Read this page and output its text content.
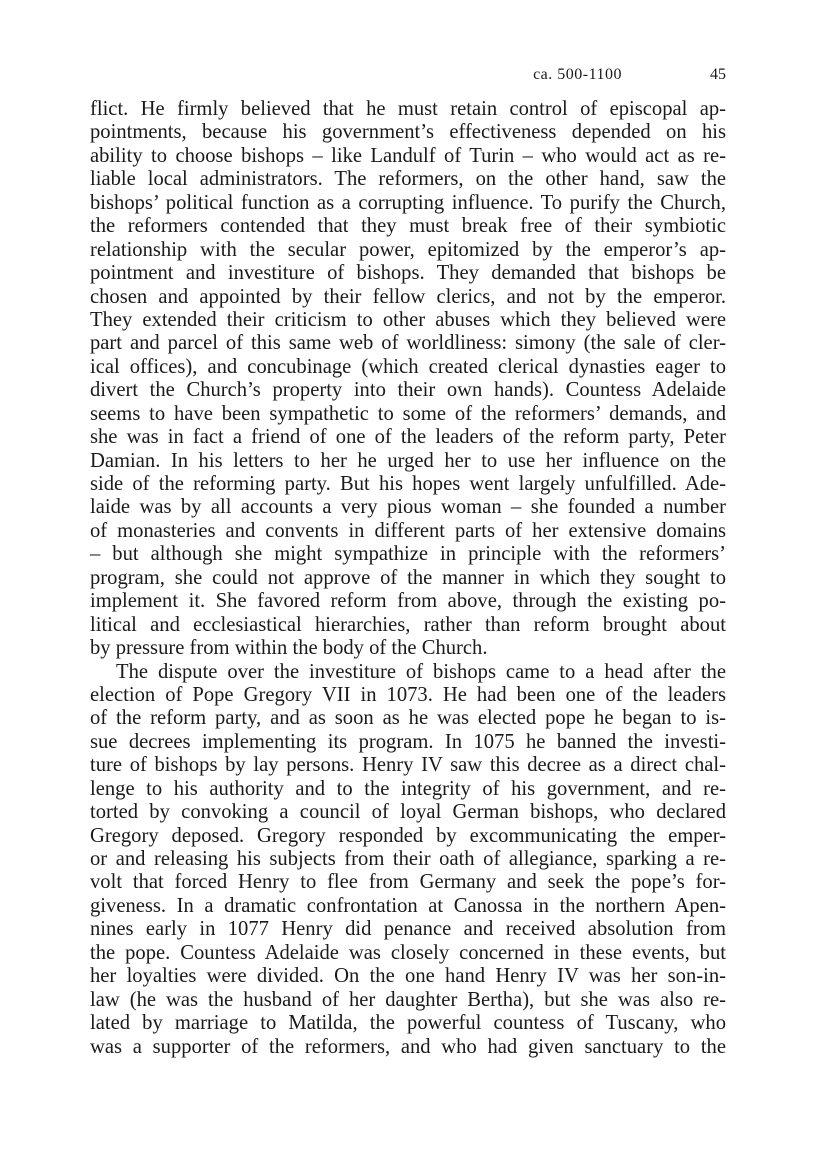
ca. 500-1100	45
flict. He firmly believed that he must retain control of episcopal ap-
pointments, because his government’s effectiveness depended on his
ability to choose bishops – like Landulf of Turin – who would act as re-
liable local administrators. The reformers, on the other hand, saw the
bishops’ political function as a corrupting influence. To purify the Church,
the reformers contended that they must break free of their symbiotic
relationship with the secular power, epitomized by the emperor’s ap-
pointment and investiture of bishops. They demanded that bishops be
chosen and appointed by their fellow clerics, and not by the emperor.
They extended their criticism to other abuses which they believed were
part and parcel of this same web of worldliness: simony (the sale of cler-
ical offices), and concubinage (which created clerical dynasties eager to
divert the Church’s property into their own hands). Countess Adelaide
seems to have been sympathetic to some of the reformers’ demands, and
she was in fact a friend of one of the leaders of the reform party, Peter
Damian. In his letters to her he urged her to use her influence on the
side of the reforming party. But his hopes went largely unfulfilled. Ade-
laide was by all accounts a very pious woman – she founded a number
of monasteries and convents in different parts of her extensive domains
– but although she might sympathize in principle with the reformers’
program, she could not approve of the manner in which they sought to
implement it. She favored reform from above, through the existing po-
litical and ecclesiastical hierarchies, rather than reform brought about
by pressure from within the body of the Church.
The dispute over the investiture of bishops came to a head after the
election of Pope Gregory VII in 1073. He had been one of the leaders
of the reform party, and as soon as he was elected pope he began to is-
sue decrees implementing its program. In 1075 he banned the investi-
ture of bishops by lay persons. Henry IV saw this decree as a direct chal-
lenge to his authority and to the integrity of his government, and re-
torted by convoking a council of loyal German bishops, who declared
Gregory deposed. Gregory responded by excommunicating the emper-
or and releasing his subjects from their oath of allegiance, sparking a re-
volt that forced Henry to flee from Germany and seek the pope’s for-
giveness. In a dramatic confrontation at Canossa in the northern Apen-
nines early in 1077 Henry did penance and received absolution from
the pope. Countess Adelaide was closely concerned in these events, but
her loyalties were divided. On the one hand Henry IV was her son-in-
law (he was the husband of her daughter Bertha), but she was also re-
lated by marriage to Matilda, the powerful countess of Tuscany, who
was a supporter of the reformers, and who had given sanctuary to the
